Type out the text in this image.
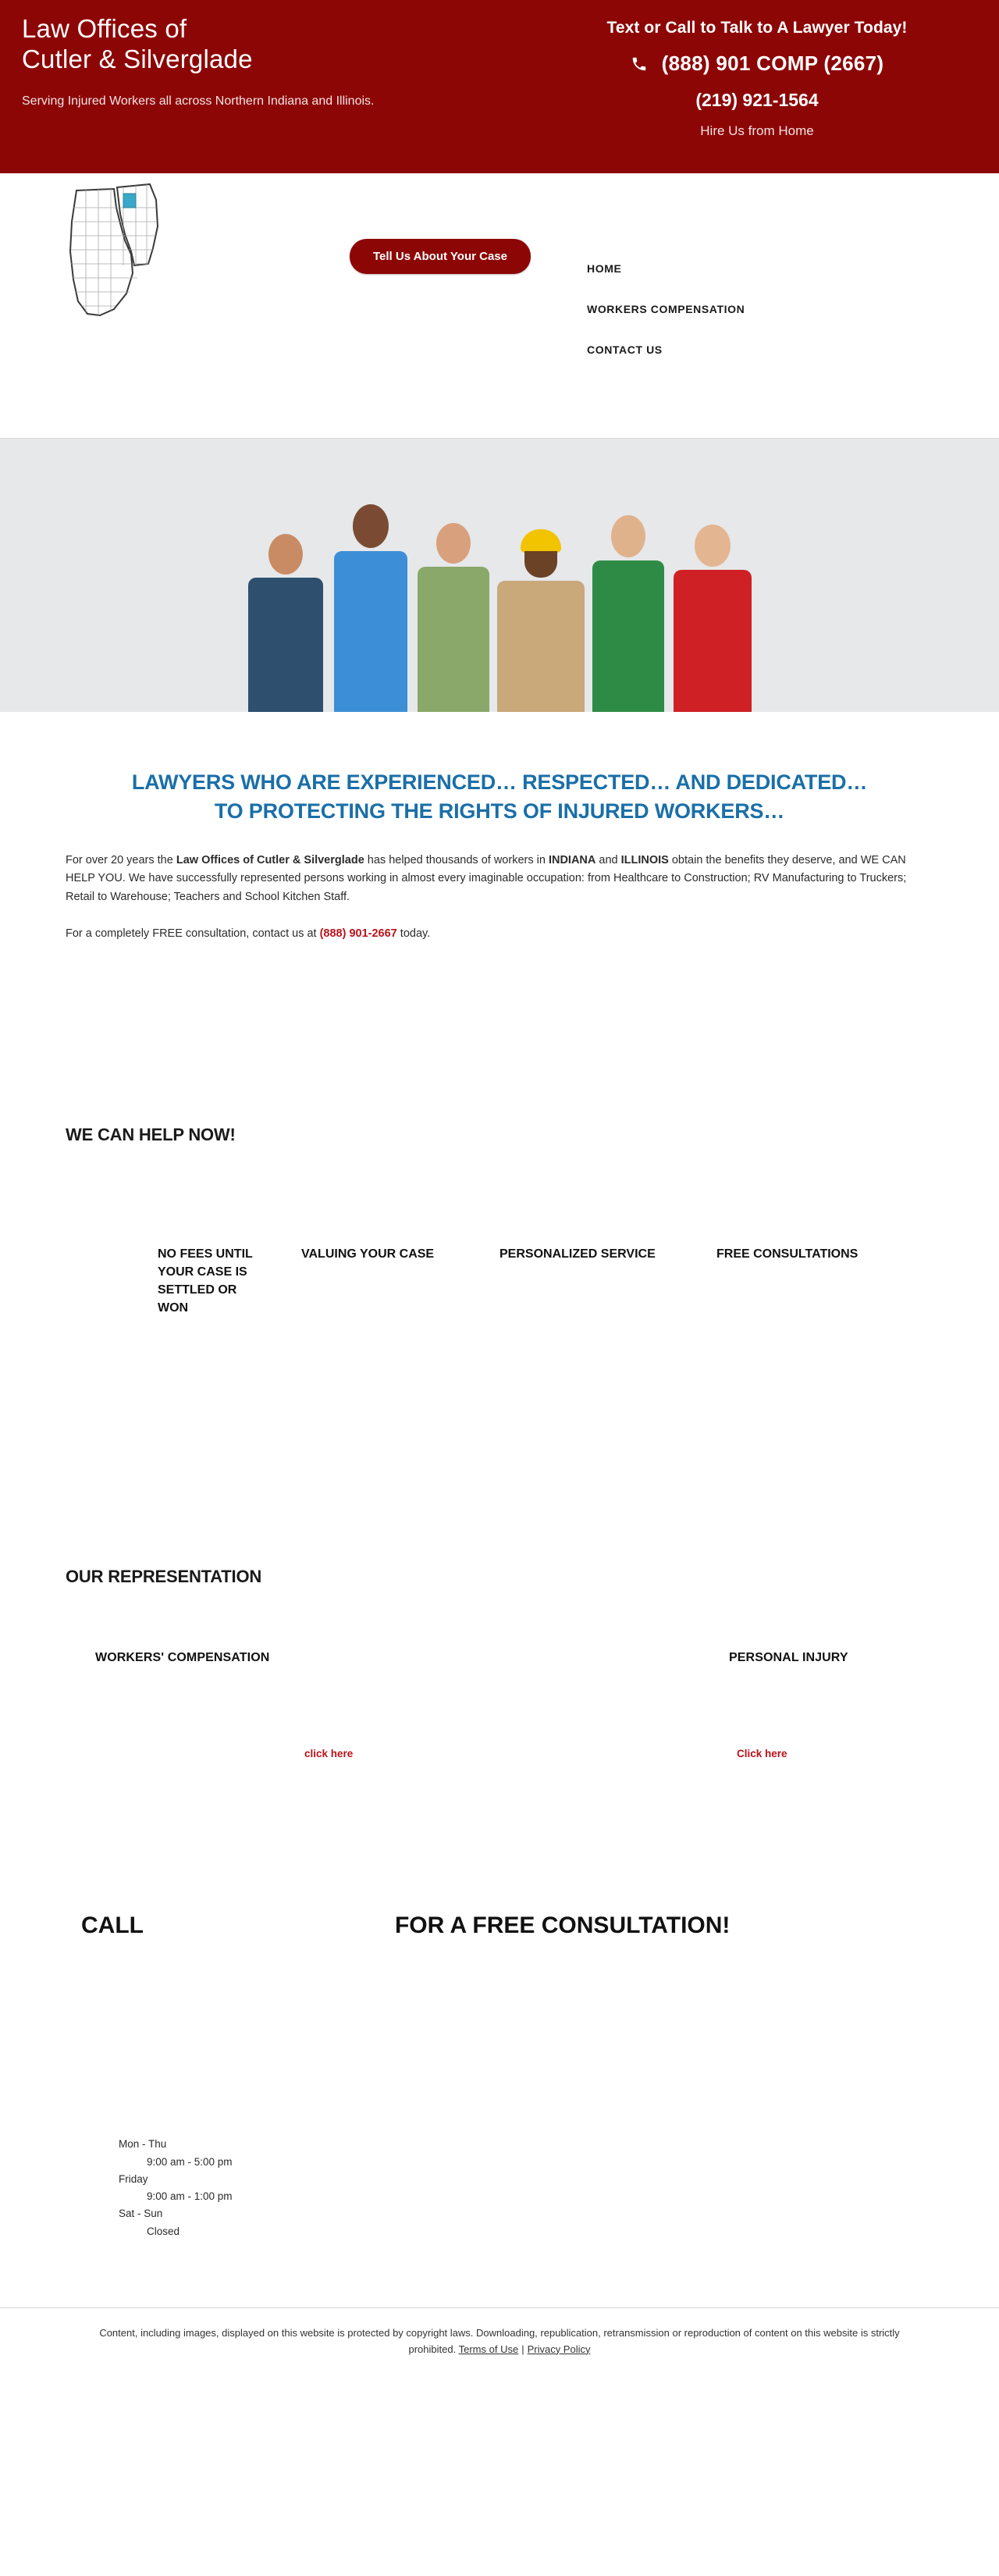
Law Offices of
Cutler & Silverglade
Serving Injured Workers all across Northern Indiana and Illinois.
Text or Call to Talk to A Lawyer Today!
(888) 901 COMP (2667)
(219) 921-1564
Hire Us from Home
Tell Us About Your Case
HOME
WORKERS COMPENSATION
CONTACT US
LAWYERS WHO ARE EXPERIENCED… RESPECTED… AND DEDICATED…
TO PROTECTING THE RIGHTS OF INJURED WORKERS…

For over 20 years the Law Offices of Cutler & Silverglade has helped thousands of workers in INDIANA and ILLINOIS obtain the benefits they deserve, and WE CAN HELP YOU. We have successfully represented persons working in almost every imaginable occupation: from Healthcare to Construction; RV Manufacturing to Truckers; Retail to Warehouse; Teachers and School Kitchen Staff.

For a completely FREE consultation, contact us at (888) 901-2667 today.

WE CAN HELP NOW!
NO FEES UNTIL YOUR CASE IS SETTLED OR WON
VALUING YOUR CASE	PERSONALIZED SERVICE	FREE CONSULTATIONS
OUR REPRESENTATION
WORKERS' COMPENSATION
click here
PERSONAL INJURY
Click here
CALL	FOR A FREE CONSULTATION!
Mon - Thu
9:00 am - 5:00 pm
Friday
9:00 am - 1:00 pm
Sat - Sun
Closed
Content, including images, displayed on this website is protected by copyright laws. Downloading, republication, retransmission or reproduction of content on this website is strictly prohibited. Terms of Use | Privacy Policy
